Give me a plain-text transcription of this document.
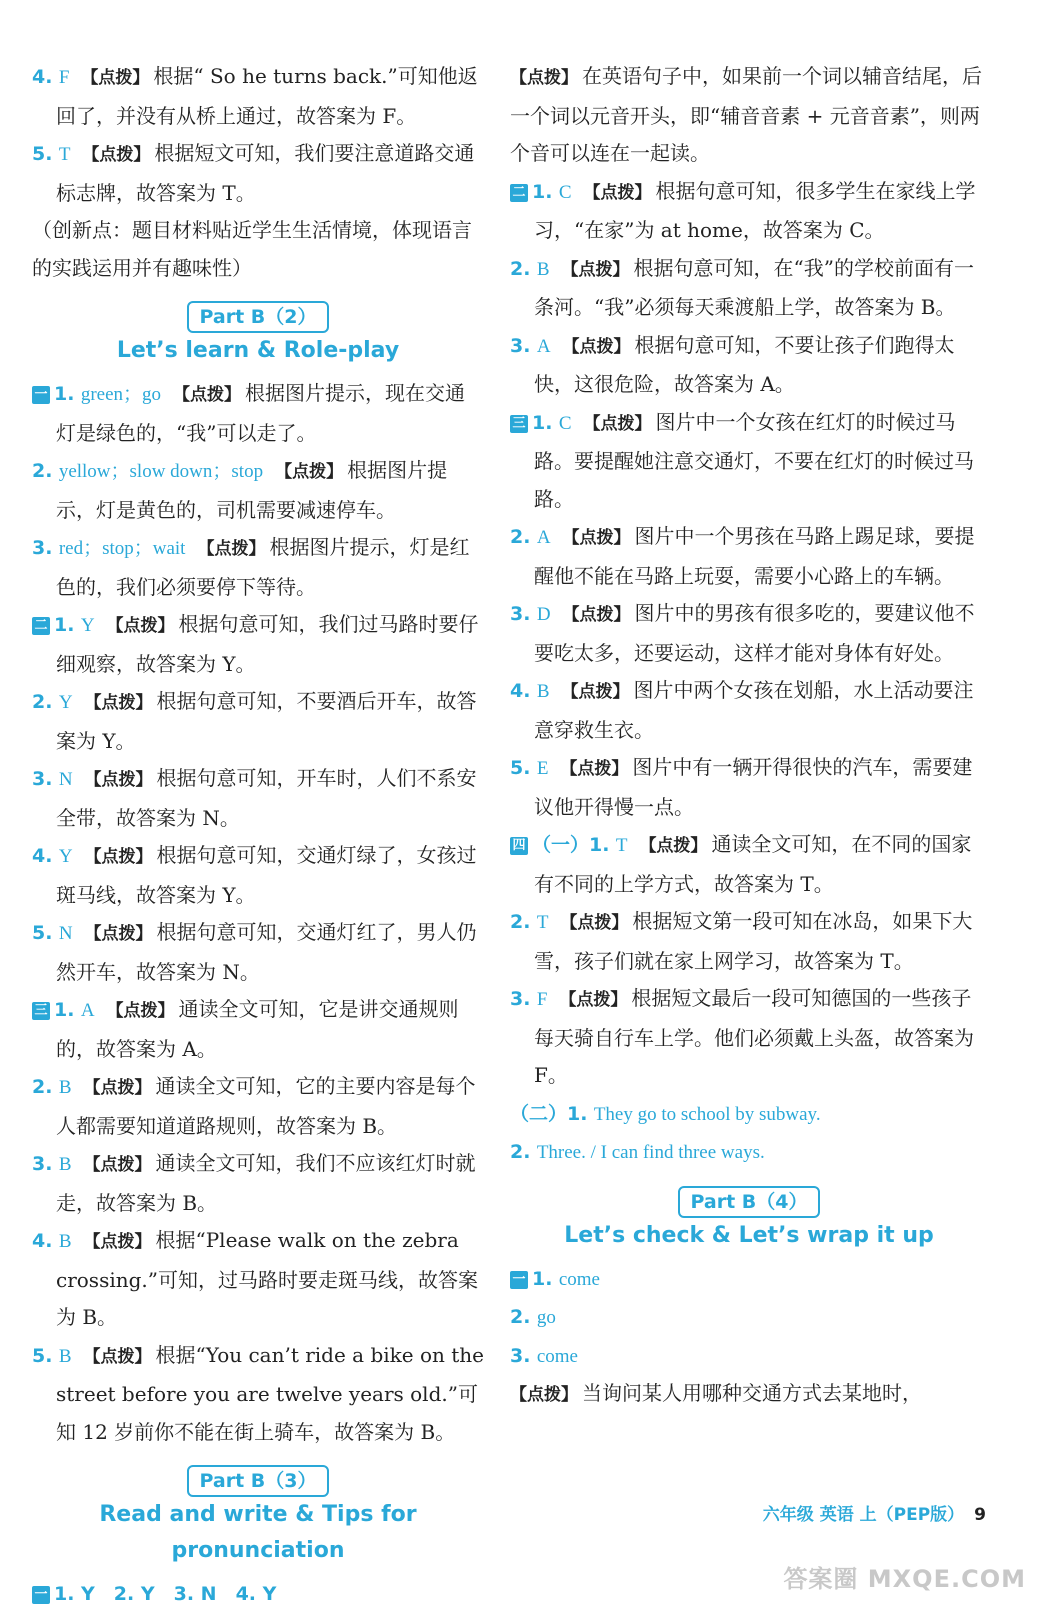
4. F 【点拨】 根据“ So he turns back.”可知他返回了，并没有从桥上通过，故答案为 F。
5. T 【点拨】 根据短文可知，我们要注意道路交通标志牌，故答案为 T。
（创新点：题目材料贴近学生生活情境，体现语言的实践运用并有趣味性）
Part B（2）
Let’s learn & Role-play
一 1. green；go 【点拨】 根据图片提示，现在交通灯是绿色的，“我”可以走了。
2. yellow；slow down；stop 【点拨】 根据图片提示，灯是黄色的，司机需要减速停车。
3. red；stop；wait 【点拨】 根据图片提示，灯是红色的，我们必须要停下等待。
二 1. Y 【点拨】 根据句意可知，我们过马路时要仔细观察，故答案为 Y。
2. Y 【点拨】 根据句意可知，不要酒后开车，故答案为 Y。
3. N 【点拨】 根据句意可知，开车时，人们不系安全带，故答案为 N。
4. Y 【点拨】 根据句意可知，交通灯绿了，女孩过斑马线，故答案为 Y。
5. N 【点拨】 根据句意可知，交通灯红了，男人仍然开车，故答案为 N。
三 1. A 【点拨】 通读全文可知，它是讲交通规则的，故答案为 A。
2. B 【点拨】 通读全文可知，它的主要内容是每个人都需要知道道路规则，故答案为 B。
3. B 【点拨】 通读全文可知，我们不应该红灯时就走，故答案为 B。
4. B 【点拨】 根据“Please walk on the zebra crossing.”可知，过马路时要走斑马线，故答案为 B。
5. B 【点拨】 根据“You can’t ride a bike on the street before you are twelve years old.”可知 12 岁前你不能在街上骑车，故答案为 B。
Part B（3）
Read and write & Tips for pronunciation
一 1. Y　2. Y　3. N　4. Y
【点拨】 在英语句子中，如果前一个词以辅音结尾，后一个词以元音开头，即“辅音音素 + 元音音素”，则两个音可以连在一起读。
二 1. C 【点拨】 根据句意可知，很多学生在家线上学习，“在家”为 at home，故答案为 C。
2. B 【点拨】 根据句意可知，在“我”的学校前面有一条河。“我”必须每天乘渡船上学，故答案为 B。
3. A 【点拨】 根据句意可知，不要让孩子们跑得太快，这很危险，故答案为 A。
三 1. C 【点拨】 图片中一个女孩在红灯的时候过马路。要提醒她注意交通灯，不要在红灯的时候过马路。
2. A 【点拨】 图片中一个男孩在马路上踢足球，要提醒他不能在马路上玩耍，需要小心路上的车辆。
3. D 【点拨】 图片中的男孩有很多吃的，要建议他不要吃太多，还要运动，这样才能对身体有好处。
4. B 【点拨】 图片中两个女孩在划船，水上活动要注意穿救生衣。
5. E 【点拨】 图片中有一辆开得很快的汽车，需要建议他开得慢一点。
四 （一）1. T 【点拨】 通读全文可知，在不同的国家有不同的上学方式，故答案为 T。
2. T 【点拨】 根据短文第一段可知在冰岛，如果下大雪，孩子们就在家上网学习，故答案为 T。
3. F 【点拨】 根据短文最后一段可知德国的一些孩子每天骑自行车上学。他们必须戴上头盔，故答案为 F。
（二）1. They go to school by subway.
2. Three. / I can find three ways.
Part B（4）
Let’s check & Let’s wrap it up
一 1. come
2. go
3. come
【点拨】 当询问某人用哪种交通方式去某地时，
六年级 英语 上（PEP版） 9
答案圈 MXQE.COM
